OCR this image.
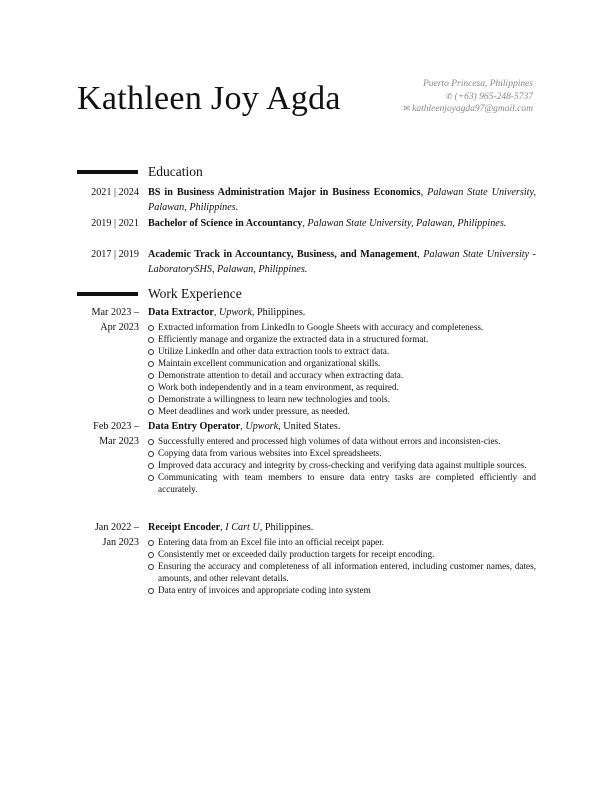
Kathleen Joy Agda	Puerto Princesa, Philippines
✆ (+63) 965-248-5737
✉ kathleenjoyagda97@gmail.com
Education
2021 | 2024 BS in Business Administration Major in Business Economics, Palawan State University, Palawan, Philippines.
2019 | 2021 Bachelor of Science in Accountancy, Palawan State University, Palawan, Philippines.
2017 | 2019 Academic Track in Accountancy, Business, and Management, Palawan State University - LaboratorySHS, Palawan, Philippines.
Work Experience
Mar 2023 –
Apr 2023
Data Extractor, Upwork, Philippines.
Extracted information from LinkedIn to Google Sheets with accuracy and completeness.
Efficiently manage and organize the extracted data in a structured format.
Utilize LinkedIn and other data extraction tools to extract data.
Maintain excellent communication and organizational skills.
Demonstrate attention to detail and accuracy when extracting data.
Work both independently and in a team environment, as required.
Demonstrate a willingness to learn new technologies and tools.
Meet deadlines and work under pressure, as needed.
Feb 2023 –
Mar 2023
Data Entry Operator, Upwork, United States.
Successfully entered and processed high volumes of data without errors and inconsisten-cies.
Copying data from various websites into Excel spreadsheets.
Improved data accuracy and integrity by cross-checking and verifying data against multiple sources.
Communicating with team members to ensure data entry tasks are completed efficiently and accurately.
Jan 2022 –
Jan 2023
Receipt Encoder, I Cart U, Philippines.
Entering data from an Excel file into an official receipt paper.
Consistently met or exceeded daily production targets for receipt encoding.
Ensuring the accuracy and completeness of all information entered, including customer names, dates, amounts, and other relevant details.
Data entry of invoices and appropriate coding into system
